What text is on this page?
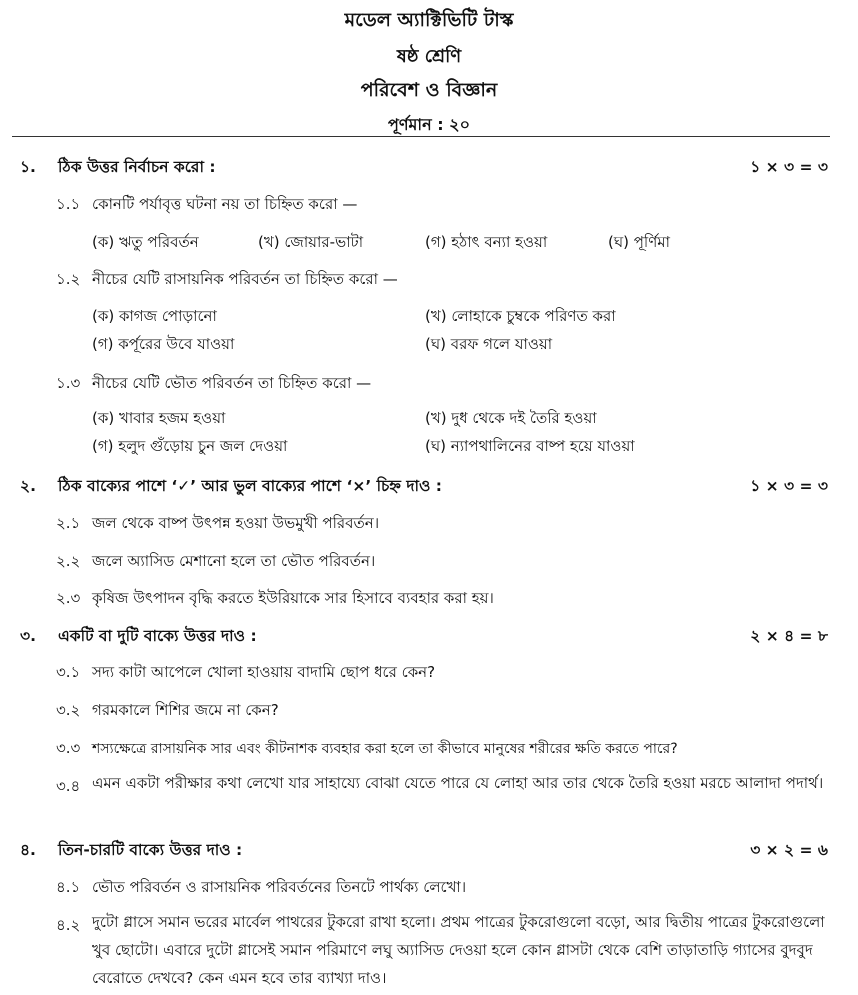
মডেল অ্যাক্টিভিটি টাস্ক
ষষ্ঠ শ্রেণি
পরিবেশ ও বিজ্ঞান
পূর্ণমান : ২০
১. ঠিক উত্তর নির্বাচন করো :	১ × ৩ = ৩
১.১ কোনটি পর্যাবৃত্ত ঘটনা নয় তা চিহ্নিত করো —
(ক) ঋতু পরিবর্তন	(খ) জোয়ার-ভাটা	(গ) হঠাৎ বন্যা হওয়া	(ঘ) পূর্ণিমা
১.২ নীচের যেটি রাসায়নিক পরিবর্তন তা চিহ্নিত করো —
(ক) কাগজ পোড়ানো	(খ) লোহাকে চুম্বকে পরিণত করা
(গ) কর্পূরের উবে যাওয়া	(ঘ) বরফ গলে যাওয়া
১.৩ নীচের যেটি ভৌত পরিবর্তন তা চিহ্নিত করো —
(ক) খাবার হজম হওয়া	(খ) দুধ থেকে দই তৈরি হওয়া
(গ) হলুদ গুঁড়োয় চুন জল দেওয়া	(ঘ) ন্যাপথালিনের বাষ্প হয়ে যাওয়া
২. ঠিক বাক্যের পাশে ‘✓’ আর ভুল বাক্যের পাশে ‘×’ চিহ্ন দাও :	১ × ৩ = ৩
২.১ জল থেকে বাষ্প উৎপন্ন হওয়া উভমুখী পরিবর্তন।
২.২ জলে অ্যাসিড মেশানো হলে তা ভৌত পরিবর্তন।
২.৩ কৃষিজ উৎপাদন বৃদ্ধি করতে ইউরিয়াকে সার হিসাবে ব্যবহার করা হয়।
৩. একটি বা দুটি বাক্যে উত্তর দাও :	২ × ৪ = ৮
৩.১ সদ্য কাটা আপেলে খোলা হাওয়ায় বাদামি ছোপ ধরে কেন?
৩.২ গরমকালে শিশির জমে না কেন?
৩.৩ শস্যক্ষেত্রে রাসায়নিক সার এবং কীটনাশক ব্যবহার করা হলে তা কীভাবে মানুষের শরীরের ক্ষতি করতে পারে?
৩.৪ এমন একটা পরীক্ষার কথা লেখো যার সাহায্যে বোঝা যেতে পারে যে লোহা আর তার থেকে তৈরি হওয়া মরচে আলাদা পদার্থ।
৪. তিন-চারটি বাক্যে উত্তর দাও :	৩ × ২ = ৬
৪.১ ভৌত পরিবর্তন ও রাসায়নিক পরিবর্তনের তিনটে পার্থক্য লেখো।
৪.২ দুটো গ্লাসে সমান ভরের মার্বেল পাথরের টুকরো রাখা হলো। প্রথম পাত্রের টুকরোগুলো বড়ো, আর দ্বিতীয় পাত্রের টুকরোগুলো খুব ছোটো। এবারে দুটো গ্লাসেই সমান পরিমাণে লঘু অ্যাসিড দেওয়া হলে কোন গ্লাসটা থেকে বেশি তাড়াতাড়ি গ্যাসের বুদবুদ বেরোতে দেখবে? কেন এমন হবে তার ব্যাখ্যা দাও।
